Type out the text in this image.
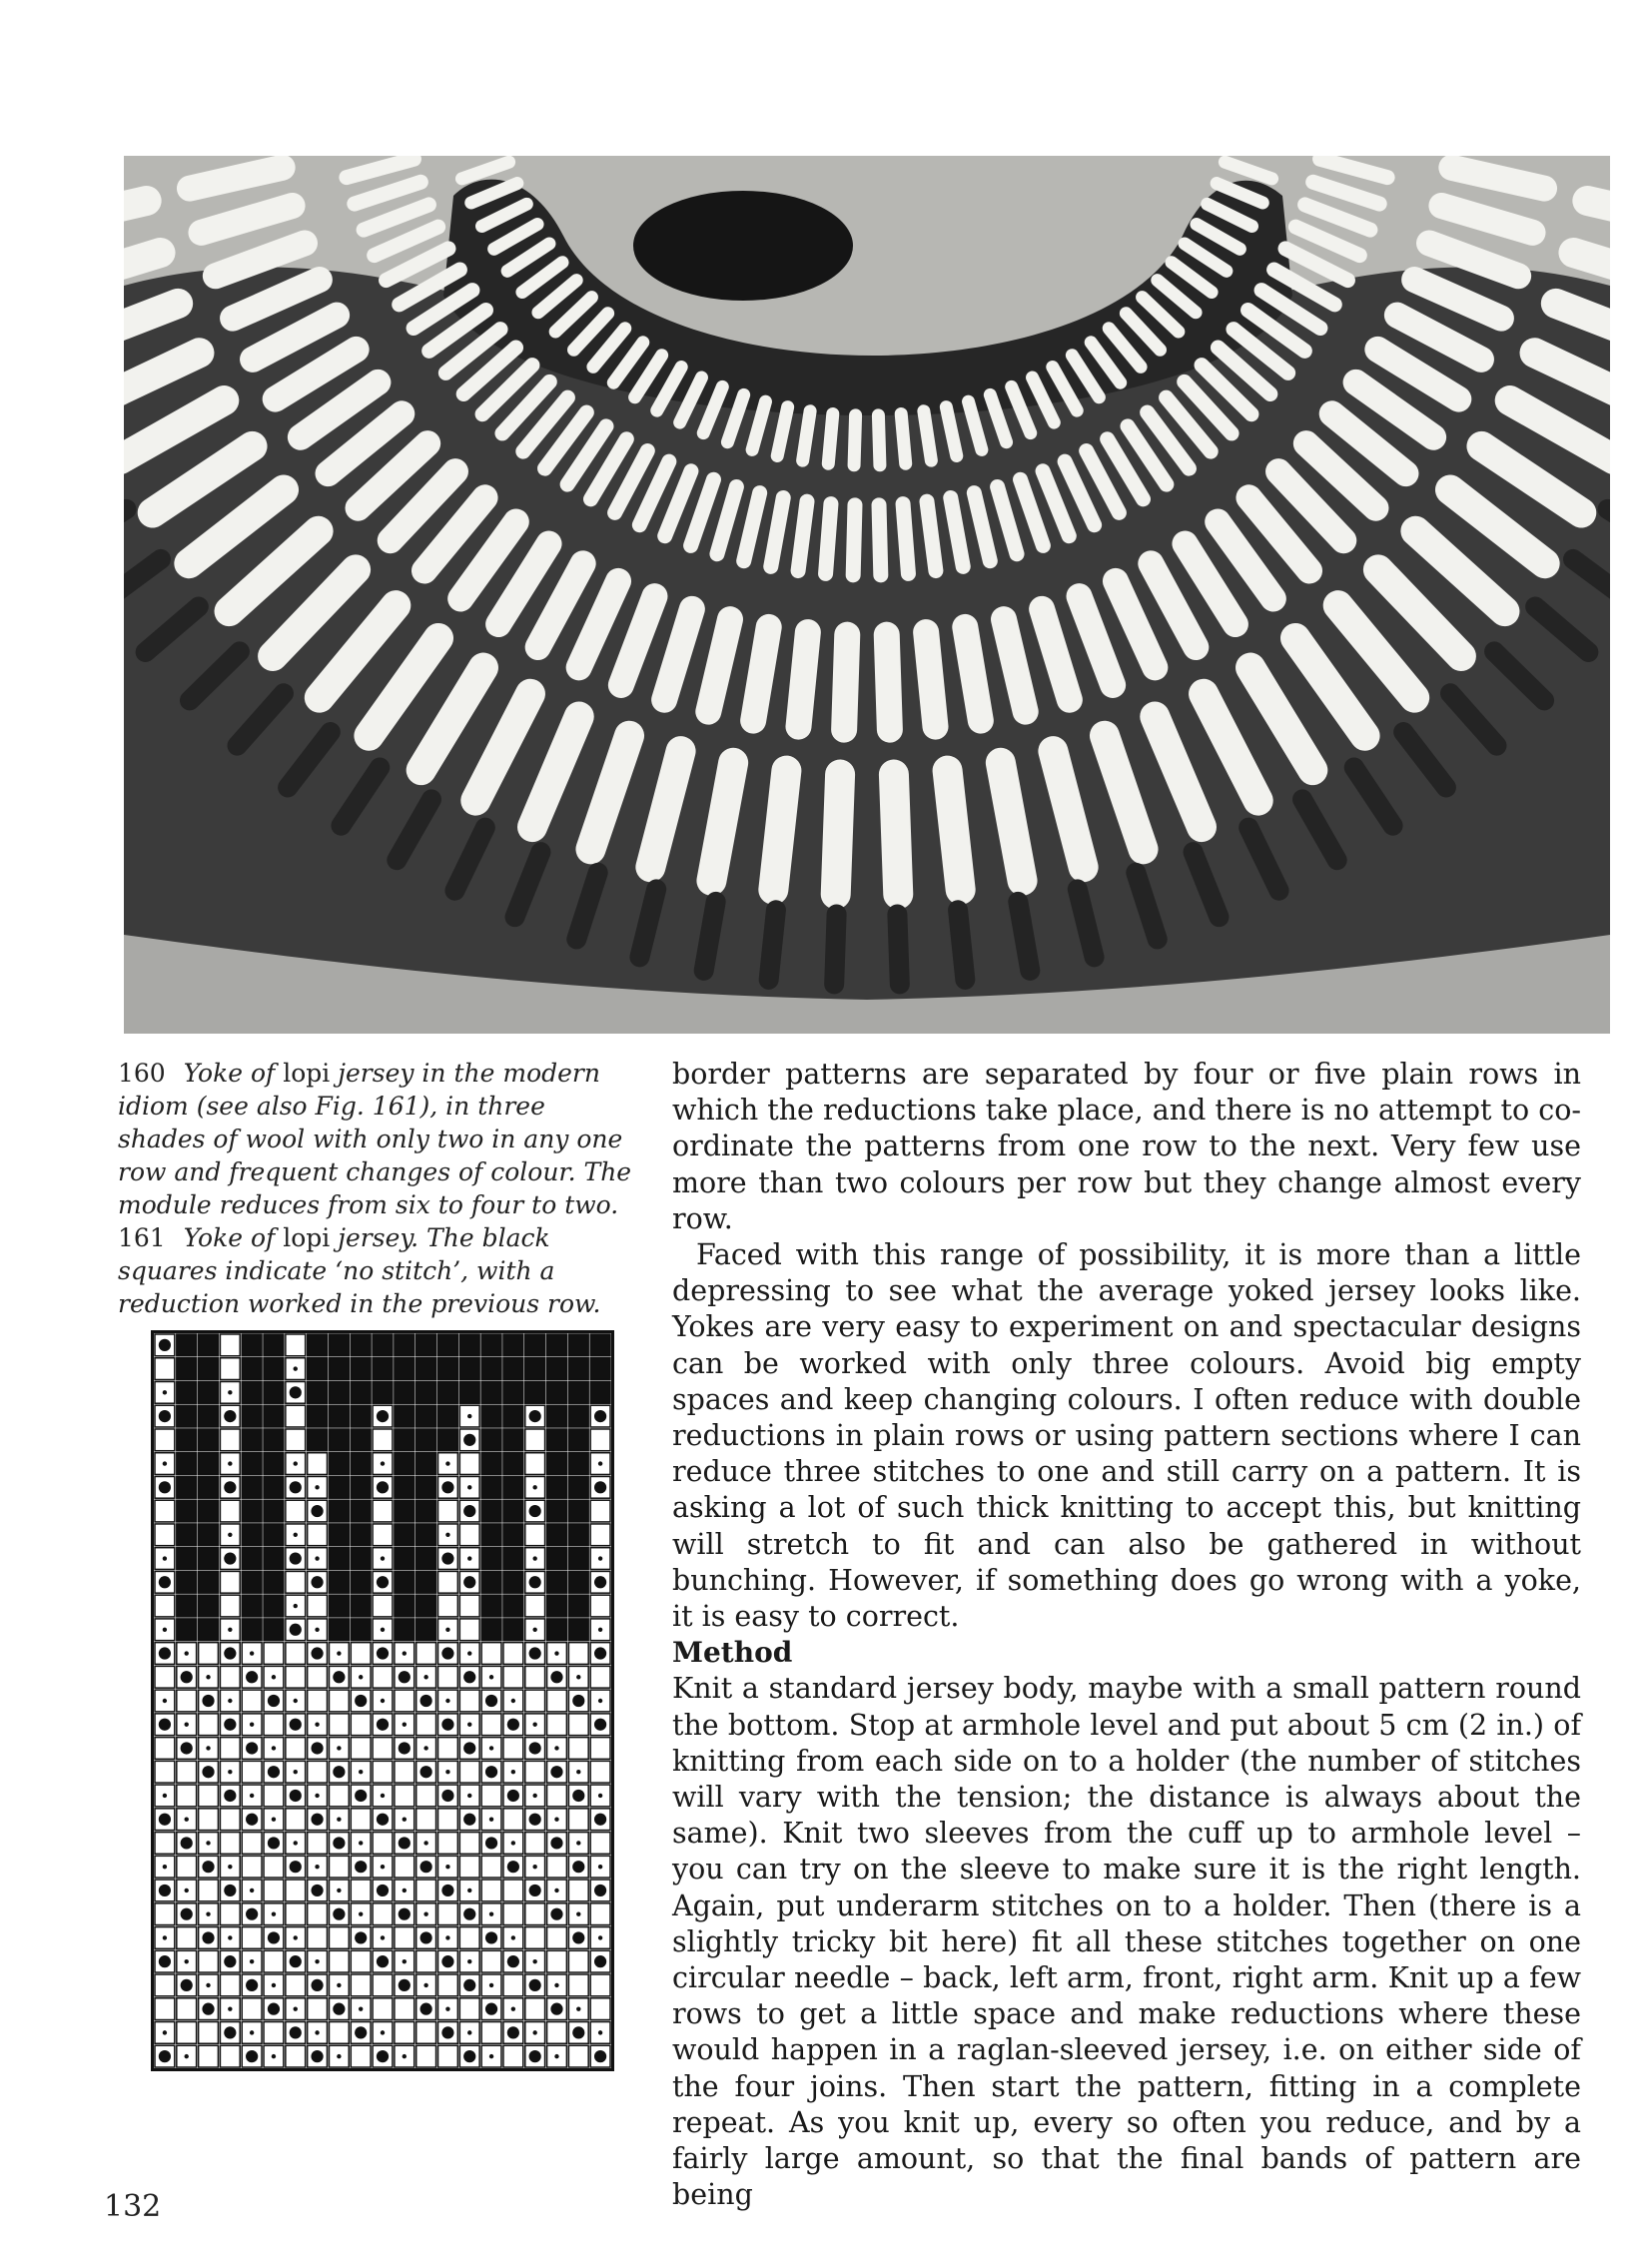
160 Yoke of lopi jersey in the modern idiom (see also Fig. 161), in three shades of wool with only two in any one row and frequent changes of colour. The module reduces from six to four to two.

161 Yoke of lopi jersey. The black squares indicate ‘no stitch’, with a reduction worked in the previous row.

border patterns are separated by four or five plain rows in which the reductions take place, and there is no attempt to co-ordinate the patterns from one row to the next. Very few use more than two colours per row but they change almost every row.

Faced with this range of possibility, it is more than a little depressing to see what the average yoked jersey looks like. Yokes are very easy to experiment on and spectacular designs can be worked with only three colours. Avoid big empty spaces and keep changing colours. I often reduce with double reductions in plain rows or using pattern sections where I can reduce three stitches to one and still carry on a pattern. It is asking a lot of such thick knitting to accept this, but knitting will stretch to fit and can also be gathered in without bunching. However, if something does go wrong with a yoke, it is easy to correct.

Method

Knit a standard jersey body, maybe with a small pattern round the bottom. Stop at armhole level and put about 5 cm (2 in.) of knitting from each side on to a holder (the number of stitches will vary with the tension; the distance is always about the same). Knit two sleeves from the cuff up to armhole level – you can try on the sleeve to make sure it is the right length. Again, put underarm stitches on to a holder. Then (there is a slightly tricky bit here) fit all these stitches together on one circular needle – back, left arm, front, right arm. Knit up a few rows to get a little space and make reductions where these would happen in a raglan-sleeved jersey, i.e. on either side of the four joins. Then start the pattern, fitting in a complete repeat. As you knit up, every so often you reduce, and by a fairly large amount, so that the final bands of pattern are being

132
